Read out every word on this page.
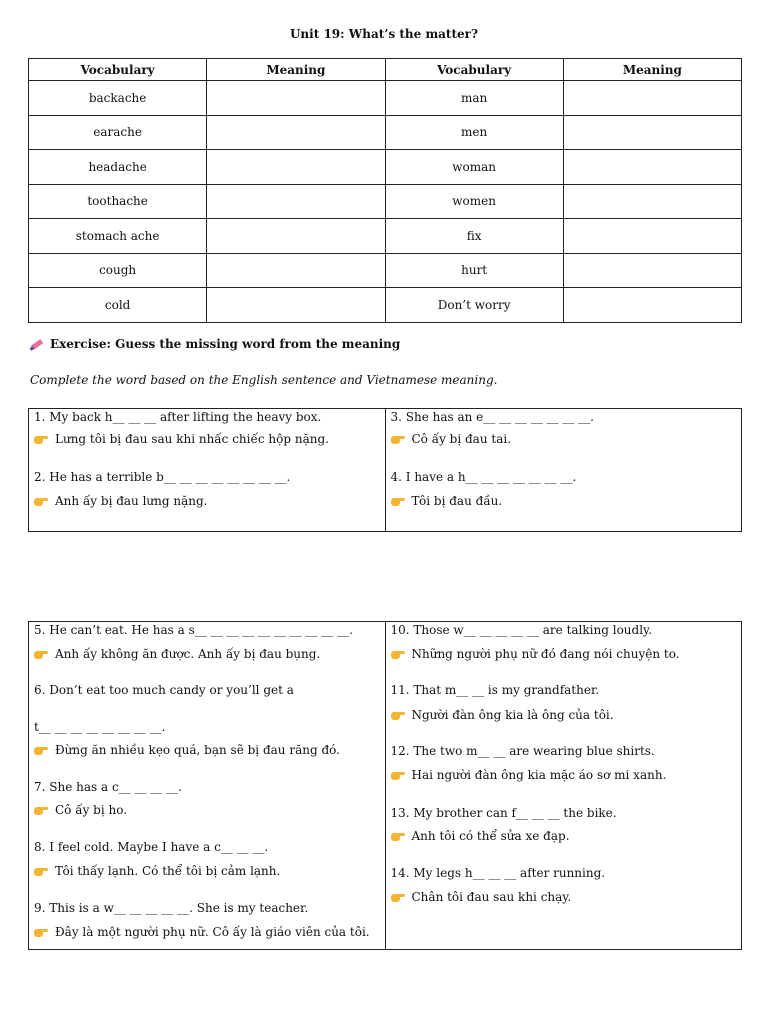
Unit 19: What’s the matter?
Vocabulary	Meaning	Vocabulary	Meaning
backache		man	
earache		men	
headache		woman	
toothache		women	
stomach ache		fix	
cough		hurt	
cold		Don’t worry	
Exercise: Guess the missing word from the meaning
Complete the word based on the English sentence and Vietnamese meaning.
1. My back h__ __ __ after lifting the heavy box.
Lưng tôi bị đau sau khi nhấc chiếc hộp nặng.
2. He has a terrible b__ __ __ __ __ __ __ __.
Anh ấy bị đau lưng nặng.
3. She has an e__ __ __ __ __ __ __.
Cô ấy bị đau tai.
4. I have a h__ __ __ __ __ __ __.
Tôi bị đau đầu.
5. He can’t eat. He has a s__ __ __ __ __ __ __ __ __ __.
Anh ấy không ăn được. Anh ấy bị đau bụng.
6. Don’t eat too much candy or you’ll get a
t__ __ __ __ __ __ __ __.
Đừng ăn nhiều kẹo quá, bạn sẽ bị đau răng đó.
7. She has a c__ __ __ __.
Cô ấy bị ho.
8. I feel cold. Maybe I have a c__ __ __.
Tôi thấy lạnh. Có thể tôi bị cảm lạnh.
9. This is a w__ __ __ __ __. She is my teacher.
Đây là một người phụ nữ. Cô ấy là giáo viên của tôi.
10. Those w__ __ __ __ __ are talking loudly.
Những người phụ nữ đó đang nói chuyện to.
11. That m__ __ is my grandfather.
Người đàn ông kia là ông của tôi.
12. The two m__ __ are wearing blue shirts.
Hai người đàn ông kia mặc áo sơ mi xanh.
13. My brother can f__ __ __ the bike.
Anh tôi có thể sửa xe đạp.
14. My legs h__ __ __ after running.
Chân tôi đau sau khi chạy.
